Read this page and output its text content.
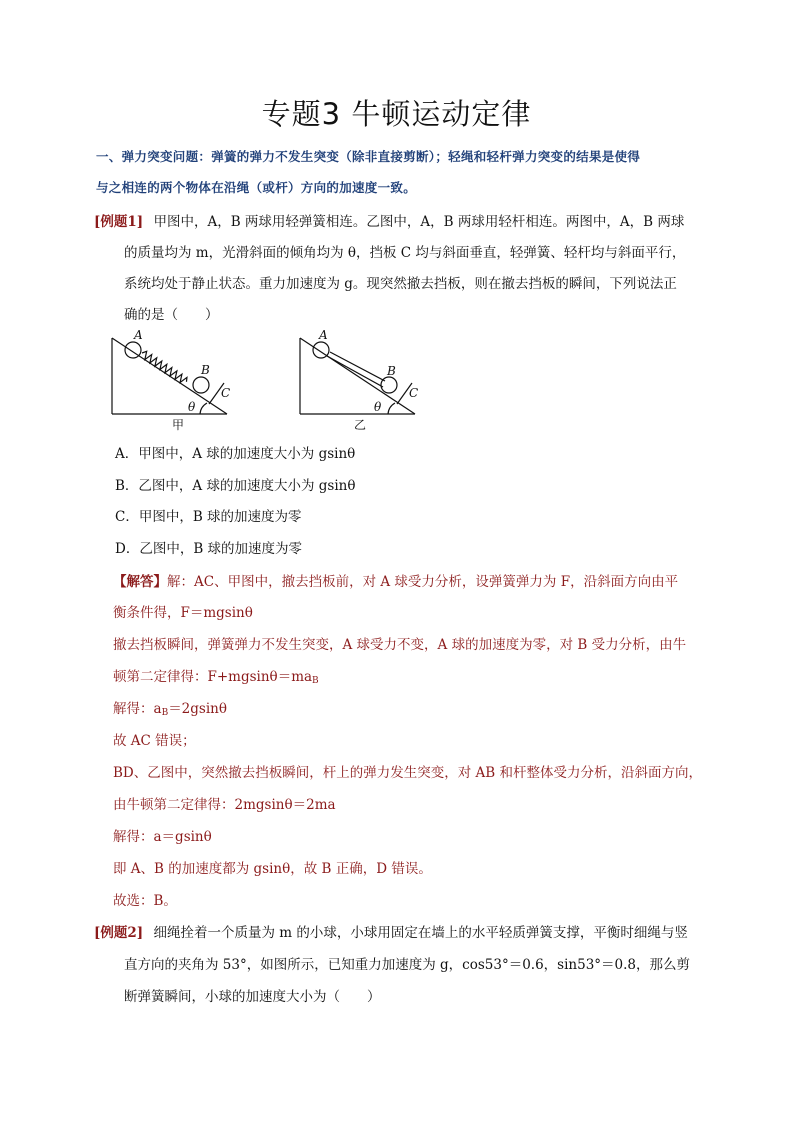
专题3 牛顿运动定律
一、弹力突变问题：弹簧的弹力不发生突变（除非直接剪断）；轻绳和轻杆弹力突变的结果是使得
与之相连的两个物体在沿绳（或杆）方向的加速度一致。
[例题1] 甲图中，A，B 两球用轻弹簧相连。乙图中，A，B 两球用轻杆相连。两图中，A，B 两球
的质量均为 m，光滑斜面的倾角均为 θ，挡板 C 均与斜面垂直，轻弹簧、轻杆均与斜面平行，
系统均处于静止状态。重力加速度为 g。现突然撤去挡板，则在撤去挡板的瞬间，下列说法正
确的是（　　）
A
B
C
θ
甲
A
B
C
θ
乙
A．甲图中，A 球的加速度大小为 gsinθ
B．乙图中，A 球的加速度大小为 gsinθ
C．甲图中，B 球的加速度为零
D．乙图中，B 球的加速度为零
【解答】解：AC、甲图中，撤去挡板前，对 A 球受力分析，设弹簧弹力为 F，沿斜面方向由平
衡条件得，F＝mgsinθ
撤去挡板瞬间，弹簧弹力不发生突变，A 球受力不变，A 球的加速度为零，对 B 受力分析，由牛
顿第二定律得：$F+mgsin\theta=ma_B$
解得：$a_B=2gsin\theta$
故 AC 错误；
BD、乙图中，突然撤去挡板瞬间，杆上的弹力发生突变，对 AB 和杆整体受力分析，沿斜面方向，
由牛顿第二定律得：2mgsinθ＝2ma
解得：a＝gsinθ
即 A、B 的加速度都为 gsinθ，故 B 正确，D 错误。
故选：B。
[例题2] 细绳拴着一个质量为 m 的小球，小球用固定在墙上的水平轻质弹簧支撑，平衡时细绳与竖
直方向的夹角为 53°，如图所示，已知重力加速度为 g，cos53°＝0.6，sin53°＝0.8，那么剪
断弹簧瞬间，小球的加速度大小为（　　）
